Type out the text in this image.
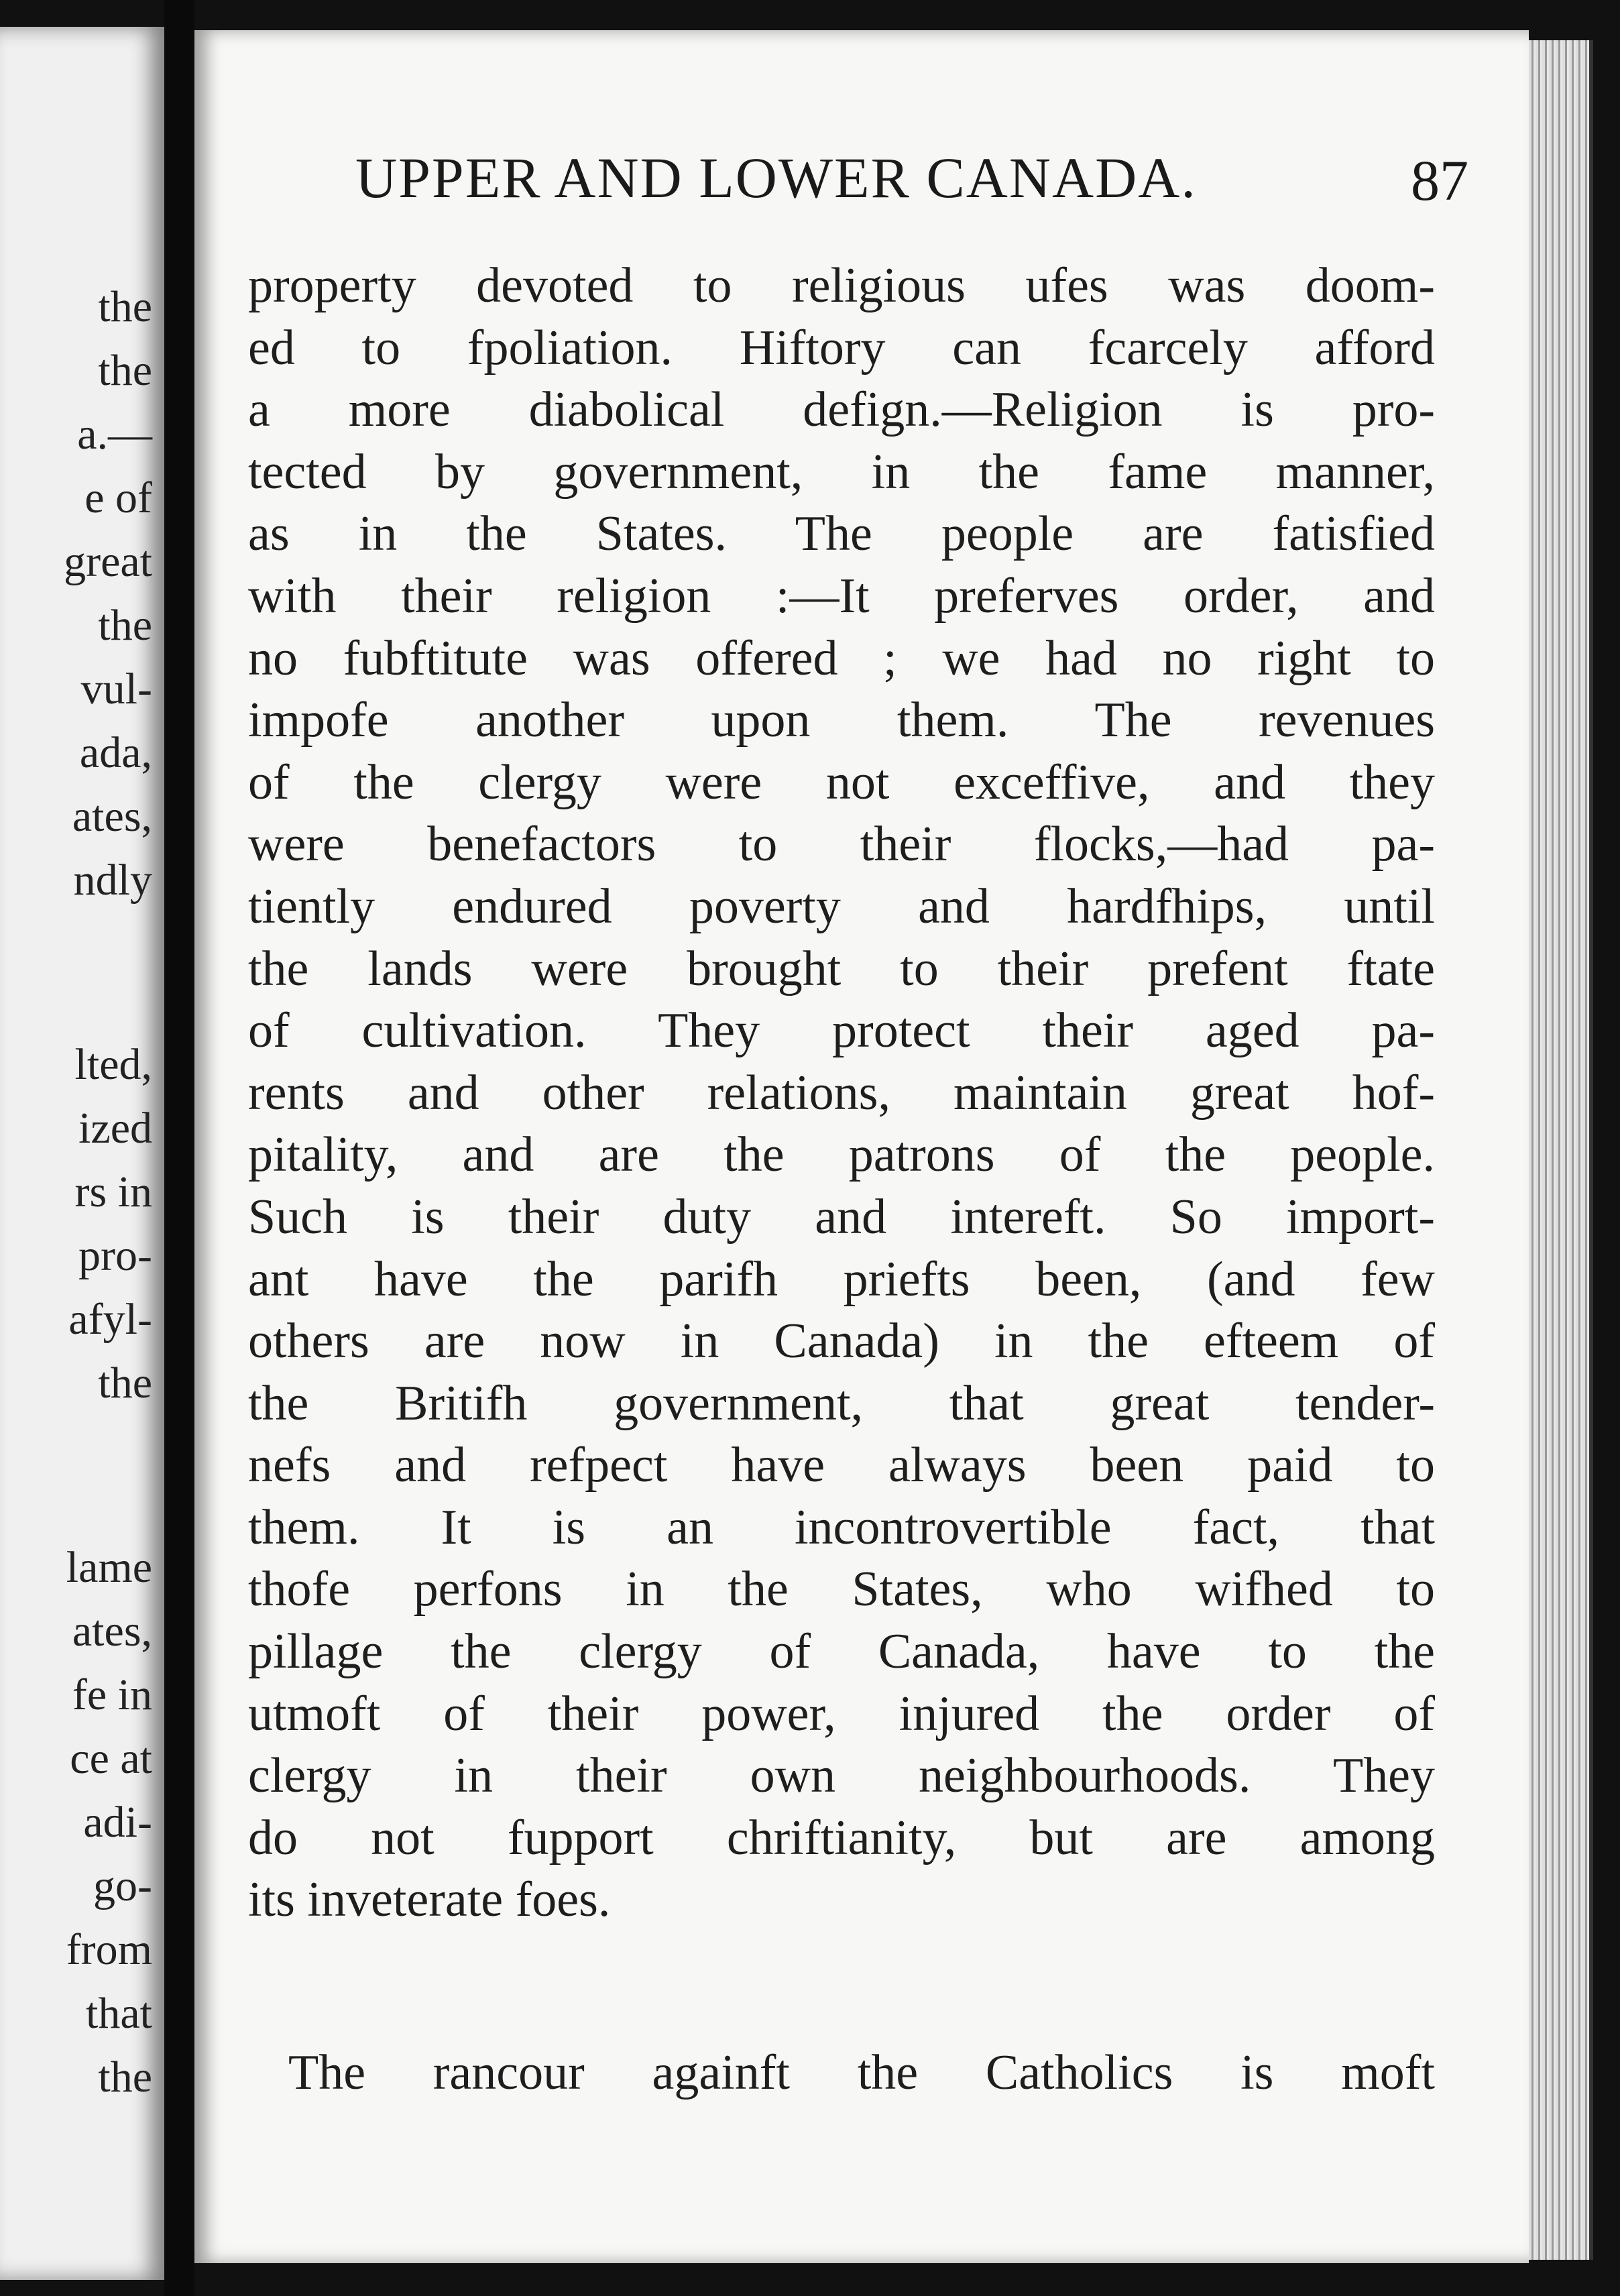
the
the
a.—
e of
great
the
vul-
ada,
ates,
ndly
lted,
ized
rs in
pro-
afyl-
the
lame
ates,
fe in
ce at
adi-
go-
from
that
the
UPPER AND LOWER CANADA.	87
property devoted to religious ufes was doom-
ed to fpoliation. Hiftory can fcarcely afford
a more diabolical defign.—Religion is pro-
tected by government, in the fame manner,
as in the States. The people are fatisfied
with their religion :—It preferves order, and
no fubftitute was offered ; we had no right to
impofe another upon them. The revenues
of the clergy were not exceffive, and they
were benefactors to their flocks,—had pa-
tiently endured poverty and hardfhips, until
the lands were brought to their prefent ftate
of cultivation. They protect their aged pa-
rents and other relations, maintain great hof-
pitality, and are the patrons of the people.
Such is their duty and intereft. So import-
ant have the parifh priefts been, (and few
others are now in Canada) in the efteem of
the Britifh government, that great tender-
nefs and refpect have always been paid to
them. It is an incontrovertible fact, that
thofe perfons in the States, who wifhed to
pillage the clergy of Canada, have to the
utmoft of their power, injured the order of
clergy in their own neighbourhoods. They
do not fupport chriftianity, but are among
its inveterate foes.
The rancour againft the Catholics is moft
